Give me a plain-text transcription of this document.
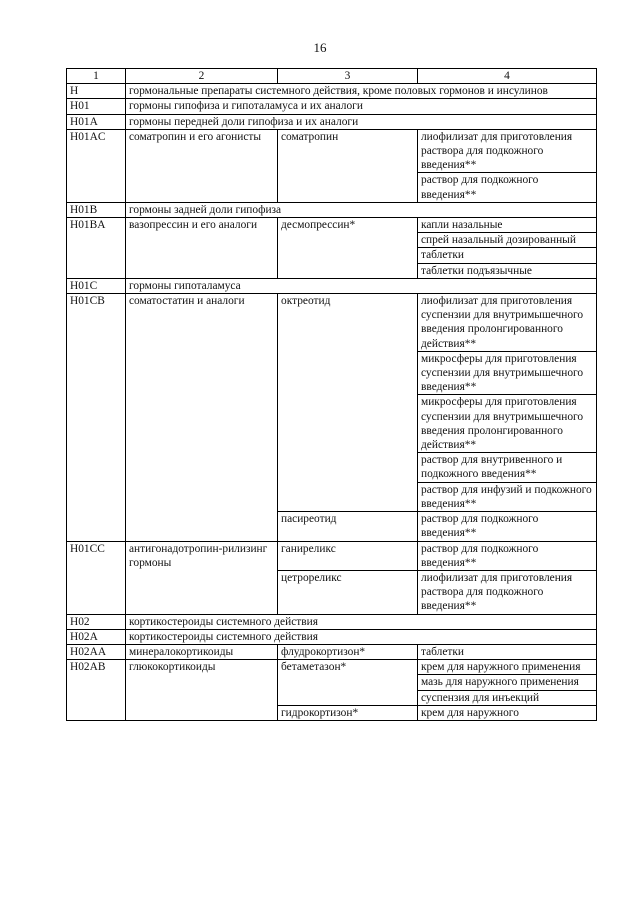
16
1	2	3	4
H	гормональные препараты системного действия, кроме половых гормонов и инсулинов		
H01	гормоны гипофиза и гипоталамуса и их аналоги		
H01A	гормоны передней доли гипофиза и их аналоги		
H01AC	соматропин и его агонисты	соматропин	лиофилизат для приготовления раствора для подкожного введения**
			раствор для подкожного введения**
H01B	гормоны задней доли гипофиза		
H01BA	вазопрессин и его аналоги	десмопрессин*	капли назальные
			спрей назальный дозированный
			таблетки
			таблетки подъязычные
H01C	гормоны гипоталамуса		
H01CB	соматостатин и аналоги	октреотид	лиофилизат для приготовления суспензии для внутримышечного введения пролонгированного действия**
			микросферы для приготовления суспензии для внутримышечного введения**
			микросферы для приготовления суспензии для внутримышечного введения пролонгированного действия**
			раствор для внутривенного и подкожного введения**
			раствор для инфузий и подкожного введения**
		пасиреотид	раствор для подкожного введения**
H01CC	антигонадотропин-рилизинг гормоны	ганиреликс	раствор для подкожного введения**
		цетрореликс	лиофилизат для приготовления раствора для подкожного введения**
H02	кортикостероиды системного действия		
H02A	кортикостероиды системного действия		
H02AA	минералокортикоиды	флудрокортизон*	таблетки
H02AB	глюкокортикоиды	бетаметазон*	крем для наружного применения
			мазь для наружного применения
			суспензия для инъекций
		гидрокортизон*	крем для наружного
